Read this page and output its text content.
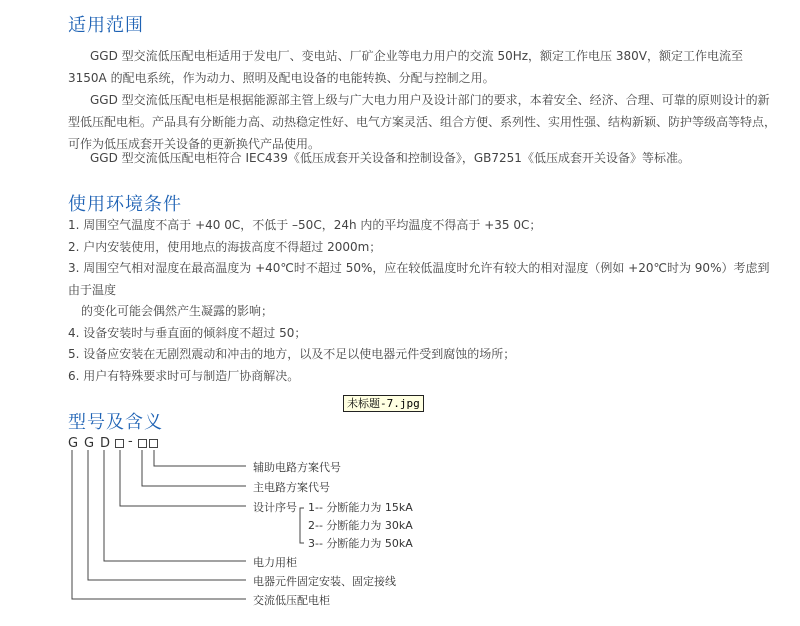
适用范围

GGD 型交流低压配电柜适用于发电厂、变电站、厂矿企业等电力用户的交流 50Hz，额定工作电压 380V，额定工作电流至 3150A 的配电系统，作为动力、照明及配电设备的电能转换、分配与控制之用。

GGD 型交流低压配电柜是根据能源部主管上级与广大电力用户及设计部门的要求，本着安全、经济、合理、可靠的原则设计的新型低压配电柜。产品具有分断能力高、动热稳定性好、电气方案灵活、组合方便、系列性、实用性强、结构新颖、防护等级高等特点，可作为低压成套开关设备的更新换代产品使用。

GGD 型交流低压配电柜符合 IEC439《低压成套开关设备和控制设备》，GB7251《低压成套开关设备》等标准。

使用环境条件
1. 周围空气温度不高于 +40 0C，不低于 –50C，24h 内的平均温度不得高于 +35 0C；
2. 户内安装使用，使用地点的海拔高度不得超过 2000m；
3. 周围空气相对湿度在最高温度为 +40℃时不超过 50%，应在较低温度时允许有较大的相对湿度（例如 +20℃时为 90%）考虑到由于温度
的变化可能会偶然产生凝露的影响；
4. 设备安装时与垂直面的倾斜度不超过 50；
5. 设备应安装在无剧烈震动和冲击的地方，以及不足以使电器元件受到腐蚀的场所；
6. 用户有特殊要求时可与制造厂协商解决。
未标题-7.jpg
型号及含义
G G D -
辅助电路方案代号
主电路方案代号
设计序号 1-- 分断能力为 15kA
2-- 分断能力为 30kA
3-- 分断能力为 50kA
电力用柜
电器元件固定安装、固定接线
交流低压配电柜
